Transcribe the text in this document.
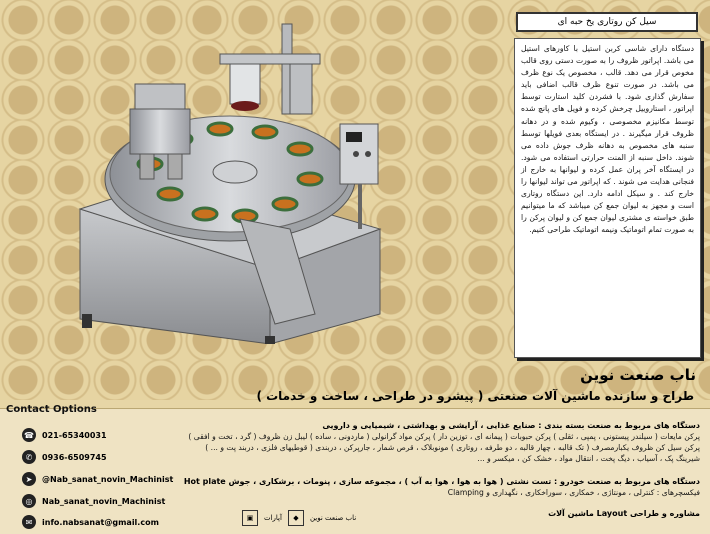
سیل کن روتاری یخ حبه ای
دستگاه دارای شاسی کربن استیل با کاورهای استیل می باشد. اپراتور ظروف را به صورت دستی روی قالب مخوص قرار می دهد. قالب ، مخصوص یک نوع ظرف می باشد. در صورت تنوع ظرف قالب اضافی باید سفارش گذاری شود. با فشردن کلید استارت توسط اپراتور ، استاروییل چرخش کرده و فویل های پانچ شده توسط مکانیزم مخصوصی ، وکیوم شده و در دهانه ظروف قرار میگیرند . در ایستگاه بعدی فویلها توسط سنبه های مخصوص به دهانه ظرف جوش داده می شوند. داخل سنبه از المنت حرارتی استفاده می شود. در ایستگاه آخر پران عمل کرده و لیوانها به خارج از فنجانی هدایت می شوند . که اپراتور می تواند لیوانها را خارج کند . و سیکل ادامه دارد. این دستگاه روتاری است و مجهز به لیوان جمع کن میباشد که ما میتوانیم طبق خواسته ی مشتری لیوان جمع کن و لیوان پرکن را به صورت تمام اتوماتیک ونیمه اتوماتیک طراحی کنیم.
ناب صنعت نوین
طراح و سازنده ماشین آلات صنعتی ( پیشرو در طراحی ، ساخت و خدمات )
Contact Options
☎ 021-65340031
✆	0936-6509745
➤	@Nab_sanat_novin_Machinist
◎	Nab_sanat_novin_Machinist
✉	info.nabsanat@gmail.com
دستگاه های مربوط به صنعت بسته بندی : صنایع غذایی ، آرایشی و بهداشتی ، شیمیایی و دارویی
پرکن مایعات ( سیلندر پیستونی ، پمپی ، ثقلی ) پرکن حبوبات ( پیمانه ای ، توزین دار ) پرکن مواد گرانولی ( ماردونی ، ساده ) لیبل زن ظروف ( گرد ، تخت و افقی ) پرکن سیل کن ظروف یکبارمصرف ( تک قالبه ، چهار قالبه ، دو طرفه ، روتاری ) مونوبلاک ، قرص شمار ، جارپرکن ، دربندی ( قوطیهای فلزی ، دربند پت و ... ) شیرینگ پک ، آسیاب ، دیگ پخت ، انتقال مواد ، خشک کن ، میکسر و ...
دستگاه های مربوط به صنعت خودرو : تست نشتی ( هوا به هوا ، هوا به آب ) ، مجموعه سازی ، پنومات ، برشکاری ، جوش Hot plate
فیکسچرهای : کنترلی ، مونتاژی ، خمکاری ، سوراخکاری ، نگهداری و Clamping
مشاوره و طراحی Layout ماشین آلات
ناب صنعت نوین
◆
آپارات
▣
